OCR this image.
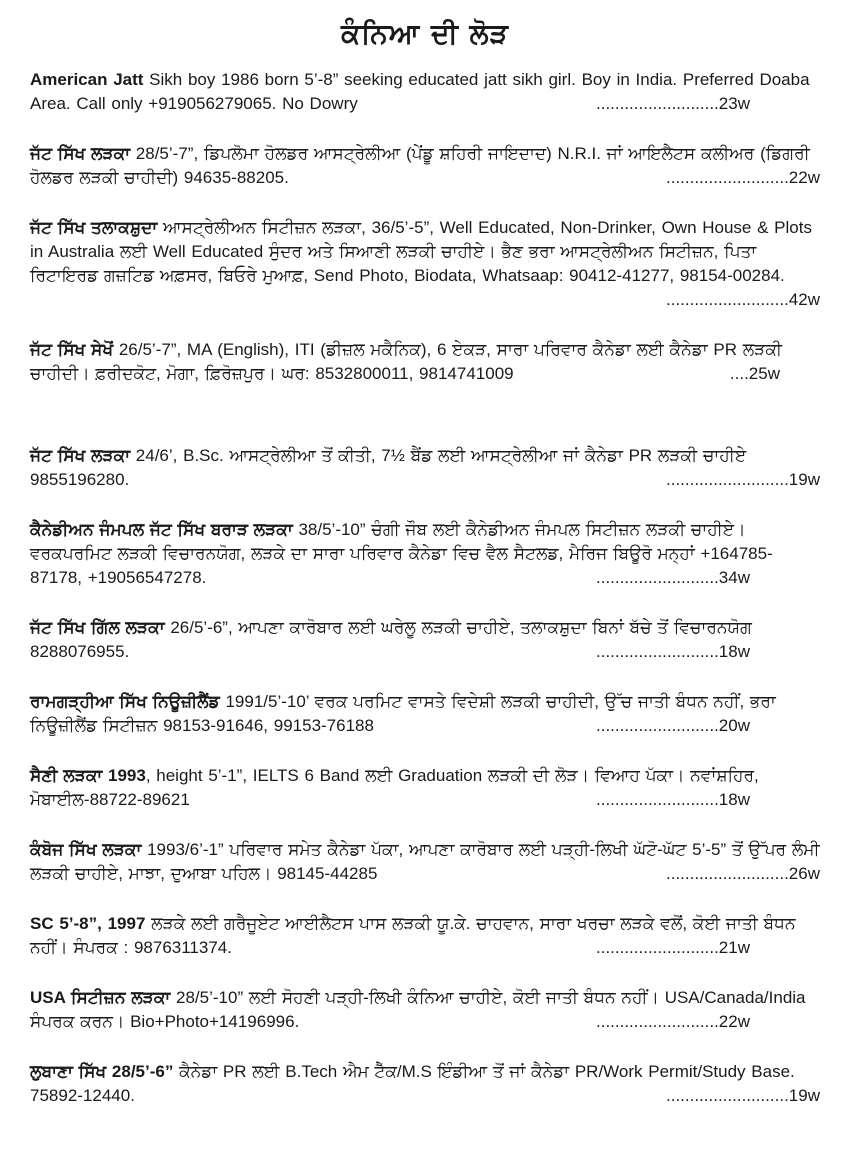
ਕੰਨਿਆ ਦੀ ਲੋੜ
American Jatt Sikh boy 1986 born 5’-8” seeking educated jatt sikh girl. Boy in India. Preferred Doaba Area. Call only +919056279065. No Dowry	..........................23w
ਜੱਟ ਸਿੱਖ ਲੜਕਾ 28/5’-7”, ਡਿਪਲੋਮਾ ਹੋਲਡਰ ਆਸਟ੍ਰੇਲੀਆ (ਪੇਂਡੂ ਸ਼ਹਿਰੀ ਜਾਇਦਾਦ) N.R.I. ਜਾਂ ਆਇਲੈਟਸ ਕਲੀਅਰ (ਡਿਗਰੀ ਹੋਲਡਰ ਲੜਕੀ ਚਾਹੀਦੀ) 94635-88205.	..........................22w
ਜੱਟ ਸਿੱਖ ਤਲਾਕਸ਼ੁਦਾ ਆਸਟ੍ਰੇਲੀਅਨ ਸਿਟੀਜ਼ਨ ਲੜਕਾ, 36/5’-5”, Well Educated, Non-Drinker, Own House & Plots in Australia ਲਈ Well Educated ਸੁੰਦਰ ਅਤੇ ਸਿਆਣੀ ਲੜਕੀ ਚਾਹੀਏ। ਭੈਣ ਭਰਾ ਆਸਟ੍ਰੇਲੀਅਨ ਸਿਟੀਜ਼ਨ, ਪਿਤਾ ਰਿਟਾਇਰਡ ਗਜ਼ਟਿਡ ਅਫ਼ਸਰ, ਬਿਓਰੇ ਮੁਆਫ਼, Send Photo, Biodata, Whatsaap: 90412-41277, 98154-00284.
..........................42w
ਜੱਟ ਸਿੱਖ ਸੇਖੋਂ 26/5’-7”, MA (English), ITI (ਡੀਜ਼ਲ ਮਕੈਨਿਕ), 6 ਏਕੜ, ਸਾਰਾ ਪਰਿਵਾਰ ਕੈਨੇਡਾ ਲਈ ਕੈਨੇਡਾ PR ਲੜਕੀ ਚਾਹੀਦੀ। ਫ਼ਰੀਦਕੋਟ, ਮੋਗਾ, ਫ਼ਿਰੋਜ਼ਪੁਰ। ਘਰ: 8532800011, 9814741009	....25w
ਜੱਟ ਸਿੱਖ ਲੜਕਾ 24/6’, B.Sc. ਆਸਟ੍ਰੇਲੀਆ ਤੋਂ ਕੀਤੀ, 7½ ਬੈਂਡ ਲਈ ਆਸਟ੍ਰੇਲੀਆ ਜਾਂ ਕੈਨੇਡਾ PR ਲੜਕੀ ਚਾਹੀਏ 9855196280.	..........................19w
ਕੈਨੇਡੀਅਨ ਜੰਮਪਲ ਜੱਟ ਸਿੱਖ ਬਰਾੜ ਲੜਕਾ 38/5’-10” ਚੰਗੀ ਜੌਬ ਲਈ ਕੈਨੇਡੀਅਨ ਜੰਮਪਲ ਸਿਟੀਜ਼ਨ ਲੜਕੀ ਚਾਹੀਏ। ਵਰਕਪਰਮਿਟ ਲੜਕੀ ਵਿਚਾਰਨਯੋਗ, ਲੜਕੇ ਦਾ ਸਾਰਾ ਪਰਿਵਾਰ ਕੈਨੇਡਾ ਵਿਚ ਵੈਲ ਸੈਟਲਡ, ਮੈਰਿਜ ਬਿਊਰੋ ਮਨ੍ਹਾਂ +164785-87178, +19056547278.	..........................34w
ਜੱਟ ਸਿੱਖ ਗਿੱਲ ਲੜਕਾ 26/5’-6”, ਆਪਣਾ ਕਾਰੋਬਾਰ ਲਈ ਘਰੇਲੂ ਲੜਕੀ ਚਾਹੀਏ, ਤਲਾਕਸ਼ੁਦਾ ਬਿਨਾਂ ਬੱਚੇ ਤੋਂ ਵਿਚਾਰਨਯੋਗ 8288076955.	..........................18w
ਰਾਮਗੜ੍ਹੀਆ ਸਿੱਖ ਨਿਊਜ਼ੀਲੈਂਡ 1991/5’-10’ ਵਰਕ ਪਰਮਿਟ ਵਾਸਤੇ ਵਿਦੇਸ਼ੀ ਲੜਕੀ ਚਾਹੀਦੀ, ਉੱਚ ਜਾਤੀ ਬੰਧਨ ਨਹੀਂ, ਭਰਾ ਨਿਊਜ਼ੀਲੈਂਡ ਸਿਟੀਜ਼ਨ 98153-91646, 99153-76188	..........................20w
ਸੈਣੀ ਲੜਕਾ 1993, height 5’-1”, IELTS 6 Band ਲਈ Graduation ਲੜਕੀ ਦੀ ਲੋੜ। ਵਿਆਹ ਪੱਕਾ। ਨਵਾਂਸ਼ਹਿਰ, ਮੋਬਾਈਲ-88722-89621	..........................18w
ਕੰਬੋਜ ਸਿੱਖ ਲੜਕਾ 1993/6’-1” ਪਰਿਵਾਰ ਸਮੇਤ ਕੈਨੇਡਾ ਪੱਕਾ, ਆਪਣਾ ਕਾਰੋਬਾਰ ਲਈ ਪੜ੍ਹੀ-ਲਿਖੀ ਘੱਟੋ-ਘੱਟ 5’-5” ਤੋਂ ਉੱਪਰ ਲੰਮੀ ਲੜਕੀ ਚਾਹੀਏ, ਮਾਝਾ, ਦੁਆਬਾ ਪਹਿਲ। 98145-44285	..........................26w
SC 5’-8”, 1997 ਲੜਕੇ ਲਈ ਗਰੈਜੂਏਟ ਆਈਲੈਟਸ ਪਾਸ ਲੜਕੀ ਯੂ.ਕੇ. ਚਾਹਵਾਨ, ਸਾਰਾ ਖਰਚਾ ਲੜਕੇ ਵਲੋਂ, ਕੋਈ ਜਾਤੀ ਬੰਧਨ ਨਹੀਂ। ਸੰਪਰਕ : 9876311374.	..........................21w
USA ਸਿਟੀਜ਼ਨ ਲੜਕਾ 28/5’-10” ਲਈ ਸੋਹਣੀ ਪੜ੍ਹੀ-ਲਿਖੀ ਕੰਨਿਆ ਚਾਹੀਏ, ਕੋਈ ਜਾਤੀ ਬੰਧਨ ਨਹੀਂ। USA/Canada/India ਸੰਪਰਕ ਕਰਨ। Bio+Photo+14196996.	..........................22w
ਲੁਬਾਣਾ ਸਿੱਖ 28/5’-6” ਕੈਨੇਡਾ PR ਲਈ B.Tech ਐਮ ਟੈੱਕ/M.S ਇੰਡੀਆ ਤੋਂ ਜਾਂ ਕੈਨੇਡਾ PR/Work Permit/Study Base. 75892-12440.	..........................19w
